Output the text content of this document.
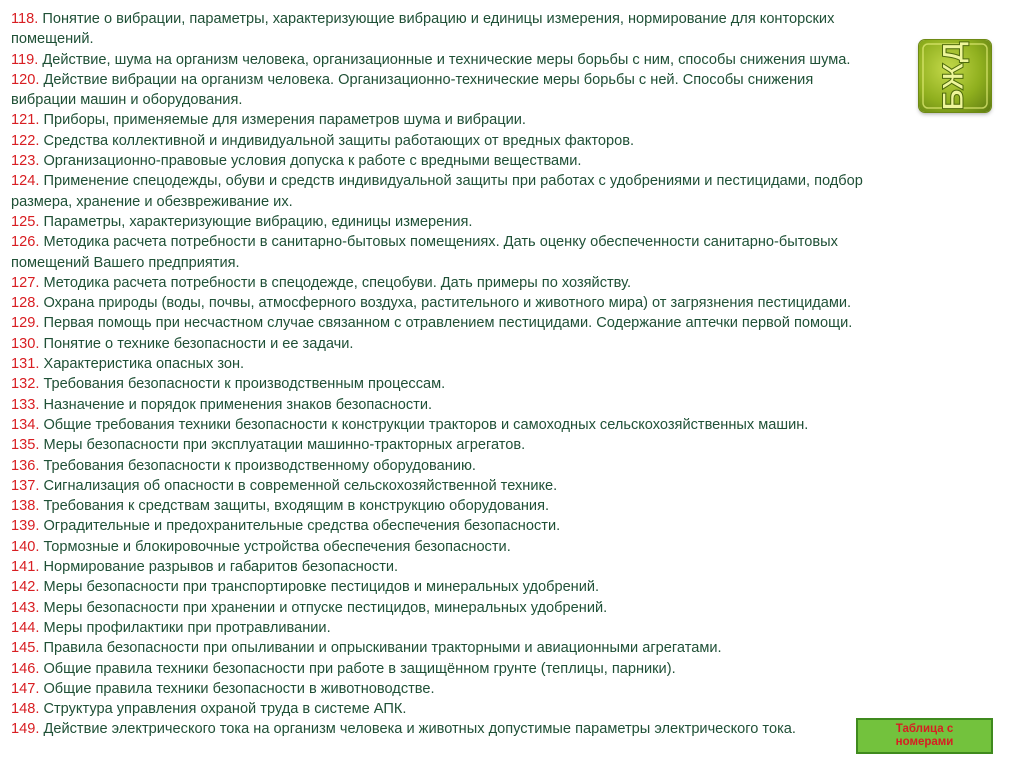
118. Понятие о вибрации, параметры, характеризующие вибрацию и единицы измерения, нормирование для конторских

помещений.

119. Действие, шума на организм человека, организационные и технические меры борьбы с ним, способы снижения шума.

120. Действие вибрации на организм человека. Организационно-технические меры борьбы с ней. Способы снижения

вибрации машин и оборудования.

121. Приборы, применяемые для измерения параметров шума и вибрации.

122. Средства коллективной и индивидуальной защиты работающих от вредных факторов.

123. Организационно-правовые условия допуска к работе с вредными веществами.

124. Применение спецодежды, обуви и средств индивидуальной защиты при работах с удобрениями и пестицидами, подбор

размера, хранение и обезвреживание их.

125. Параметры, характеризующие вибрацию, единицы измерения.

126. Методика расчета потребности в санитарно-бытовых помещениях. Дать оценку обеспеченности санитарно-бытовых

помещений Вашего предприятия.

127. Методика расчета потребности в спецодежде, спецобуви. Дать примеры по хозяйству.

128. Охрана природы (воды, почвы, атмосферного воздуха, растительного и животного мира) от загрязнения пестицидами.

129. Первая помощь при несчастном случае связанном с отравлением пестицидами. Содержание аптечки первой помощи.

130. Понятие о технике безопасности и ее задачи.

131. Характеристика опасных зон.

132. Требования безопасности к производственным процессам.

133. Назначение и порядок применения знаков безопасности.

134. Общие требования техники безопасности к конструкции тракторов и самоходных сельскохозяйственных машин.

135. Меры безопасности при эксплуатации машинно-тракторных агрегатов.

136. Требования безопасности к производственному оборудованию.

137. Сигнализация об опасности в современной сельскохозяйственной технике.

138. Требования к средствам защиты, входящим в конструкцию оборудования.

139. Оградительные и предохранительные средства обеспечения безопасности.

140. Тормозные и блокировочные устройства обеспечения безопасности.

141. Нормирование разрывов и габаритов безопасности.

142. Меры безопасности при транспортировке пестицидов и минеральных удобрений.

143. Меры безопасности при хранении и отпуске пестицидов, минеральных удобрений.

144. Меры профилактики при протравливании.

145. Правила безопасности при опыливании и опрыскивании тракторными и авиационными агрегатами.

146. Общие правила техники безопасности при работе в защищённом грунте (теплицы, парники).

147. Общие правила техники безопасности в животноводстве.

148. Структура управления охраной труда в системе АПК.

149. Действие электрического тока на организм человека и животных допустимые параметры электрического тока.

БЖД
Таблица с номерами
